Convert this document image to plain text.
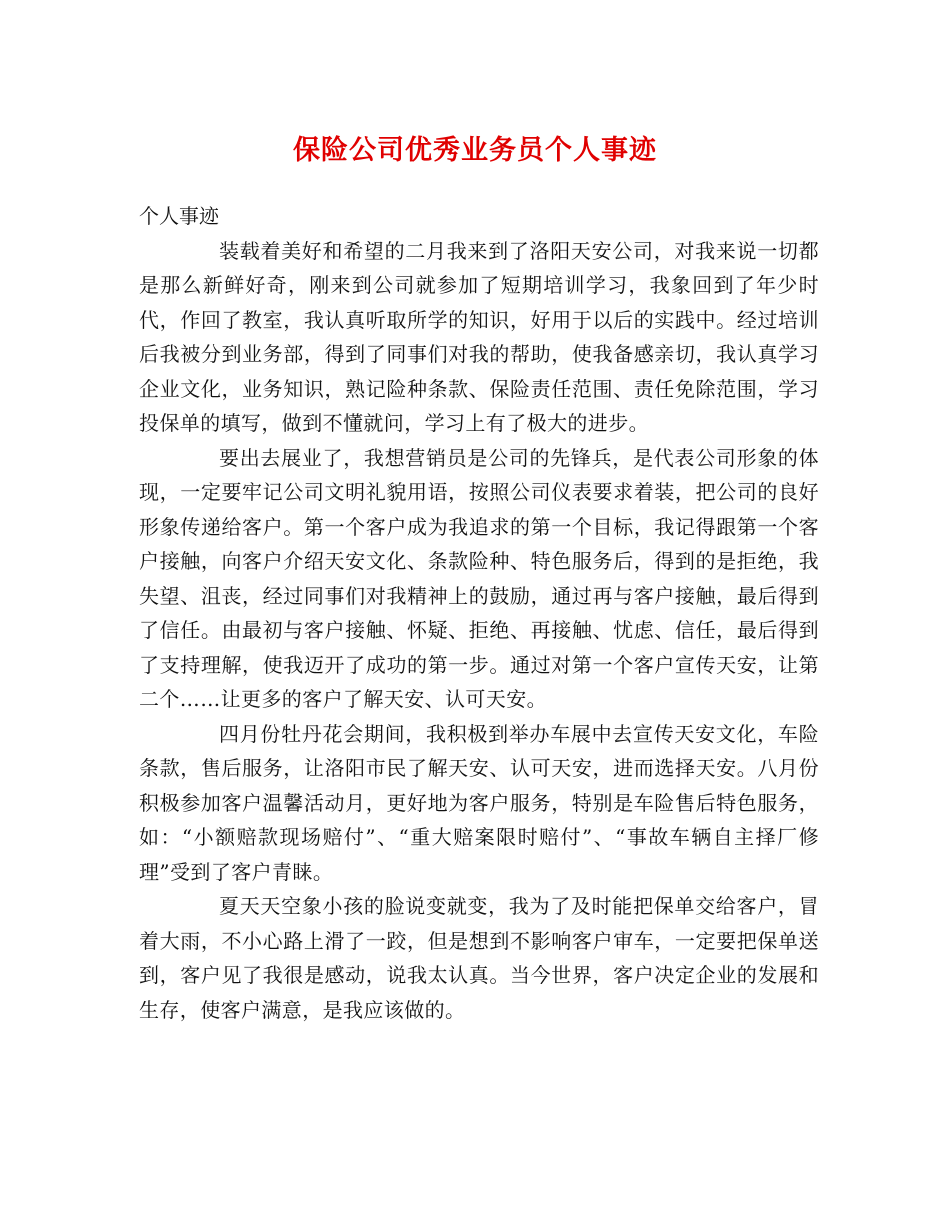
保险公司优秀业务员个人事迹

个人事迹

装载着美好和希望的二月我来到了洛阳天安公司，对我来说一切都是那么新鲜好奇，刚来到公司就参加了短期培训学习，我象回到了年少时代，作回了教室，我认真听取所学的知识，好用于以后的实践中。经过培训后我被分到业务部，得到了同事们对我的帮助，使我备感亲切，我认真学习企业文化，业务知识，熟记险种条款、保险责任范围、责任免除范围，学习投保单的填写，做到不懂就问，学习上有了极大的进步。

要出去展业了，我想营销员是公司的先锋兵，是代表公司形象的体现，一定要牢记公司文明礼貌用语，按照公司仪表要求着装，把公司的良好形象传递给客户。第一个客户成为我追求的第一个目标，我记得跟第一个客户接触，向客户介绍天安文化、条款险种、特色服务后，得到的是拒绝，我失望、沮丧，经过同事们对我精神上的鼓励，通过再与客户接触，最后得到了信任。由最初与客户接触、怀疑、拒绝、再接触、忧虑、信任，最后得到了支持理解，使我迈开了成功的第一步。通过对第一个客户宣传天安，让第二个……让更多的客户了解天安、认可天安。

四月份牡丹花会期间，我积极到举办车展中去宣传天安文化，车险条款，售后服务，让洛阳市民了解天安、认可天安，进而选择天安。八月份积极参加客户温馨活动月，更好地为客户服务，特别是车险售后特色服务，如：“小额赔款现场赔付”、“重大赔案限时赔付”、“事故车辆自主择厂修理”受到了客户青睐。

夏天天空象小孩的脸说变就变，我为了及时能把保单交给客户，冒着大雨，不小心路上滑了一跤，但是想到不影响客户审车，一定要把保单送到，客户见了我很是感动，说我太认真。当今世界，客户决定企业的发展和生存，使客户满意，是我应该做的。
